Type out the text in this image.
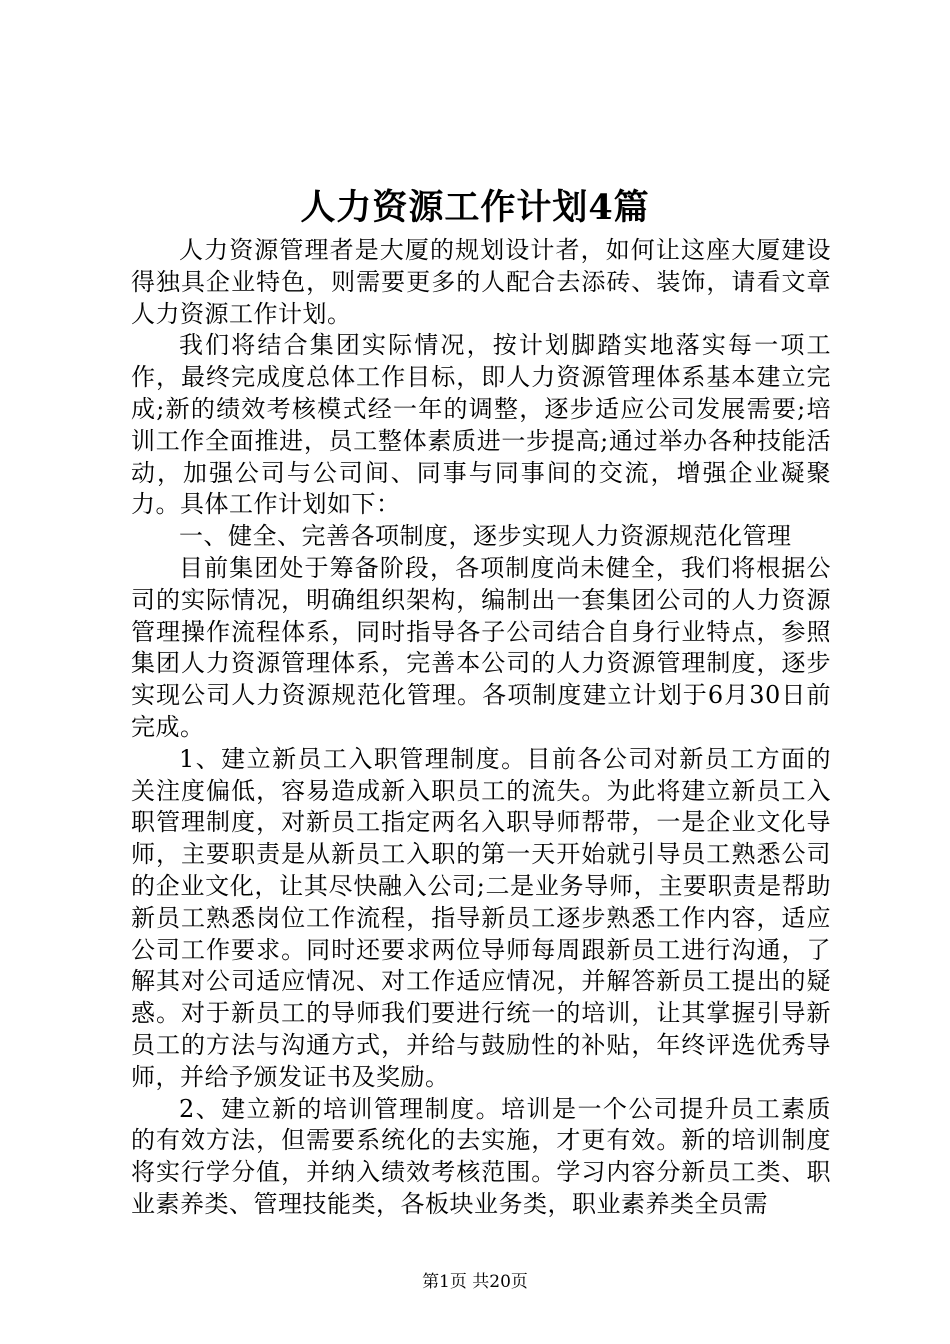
人力资源工作计划4篇

人力资源管理者是大厦的规划设计者，如何让这座大厦建设得独具企业特色，则需要更多的人配合去添砖、装饰，请看文章人力资源工作计划。

我们将结合集团实际情况，按计划脚踏实地落实每一项工作，最终完成度总体工作目标，即人力资源管理体系基本建立完成;新的绩效考核模式经一年的调整，逐步适应公司发展需要;培训工作全面推进，员工整体素质进一步提高;通过举办各种技能活动，加强公司与公司间、同事与同事间的交流，增强企业凝聚力。具体工作计划如下：

一、健全、完善各项制度，逐步实现人力资源规范化管理

目前集团处于筹备阶段，各项制度尚未健全，我们将根据公司的实际情况，明确组织架构，编制出一套集团公司的人力资源管理操作流程体系，同时指导各子公司结合自身行业特点，参照集团人力资源管理体系，完善本公司的人力资源管理制度，逐步实现公司人力资源规范化管理。各项制度建立计划于6月30日前完成。

1、建立新员工入职管理制度。目前各公司对新员工方面的关注度偏低，容易造成新入职员工的流失。为此将建立新员工入职管理制度，对新员工指定两名入职导师帮带，一是企业文化导师，主要职责是从新员工入职的第一天开始就引导员工熟悉公司的企业文化，让其尽快融入公司;二是业务导师，主要职责是帮助新员工熟悉岗位工作流程，指导新员工逐步熟悉工作内容，适应公司工作要求。同时还要求两位导师每周跟新员工进行沟通，了解其对公司适应情况、对工作适应情况，并解答新员工提出的疑惑。对于新员工的导师我们要进行统一的培训，让其掌握引导新员工的方法与沟通方式，并给与鼓励性的补贴，年终评选优秀导师，并给予颁发证书及奖励。

2、建立新的培训管理制度。培训是一个公司提升员工素质的有效方法，但需要系统化的去实施，才更有效。新的培训制度将实行学分值，并纳入绩效考核范围。学习内容分新员工类、职业素养类、管理技能类，各板块业务类，职业素养类全员需

第1页 共20页
